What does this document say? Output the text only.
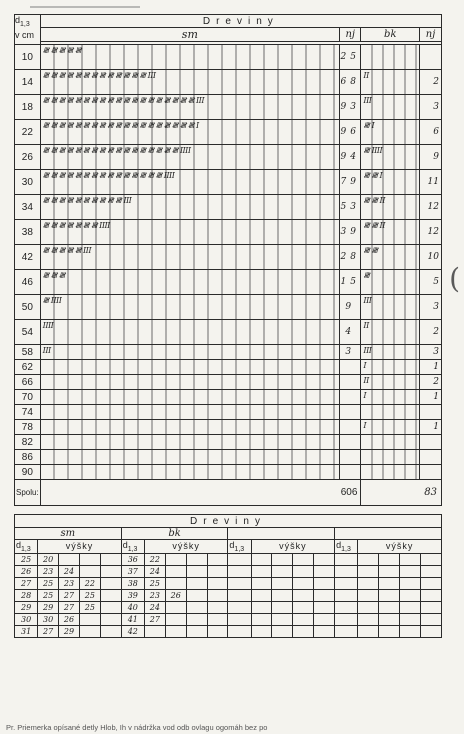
$d_{1,3}$
v cm	Dreviny			
	sm	nj	bk	nj

10	𝍸 𝍸 𝍸 𝍸 𝍸	25		
14	𝍸 𝍸 𝍸 𝍸 𝍸 𝍸 𝍸 𝍸 𝍸 𝍸 𝍸 𝍸 𝍸 III	68	II	2
18	𝍸 𝍸 𝍸 𝍸 𝍸 𝍸 𝍸 𝍸 𝍸 𝍸 𝍸 𝍸 𝍸 𝍸 𝍸 𝍸 𝍸 𝍸 𝍸 III	93	III	3
22	𝍸 𝍸 𝍸 𝍸 𝍸 𝍸 𝍸 𝍸 𝍸 𝍸 𝍸 𝍸 𝍸 𝍸 𝍸 𝍸 𝍸 𝍸 𝍸 I	96	𝍸 I	6
26	𝍸 𝍸 𝍸 𝍸 𝍸 𝍸 𝍸 𝍸 𝍸 𝍸 𝍸 𝍸 𝍸 𝍸 𝍸 𝍸 𝍸 IIII	94	𝍸 IIII	9
30	𝍸 𝍸 𝍸 𝍸 𝍸 𝍸 𝍸 𝍸 𝍸 𝍸 𝍸 𝍸 𝍸 𝍸 𝍸 IIII	79	𝍸 𝍸 I	11
34	𝍸 𝍸 𝍸 𝍸 𝍸 𝍸 𝍸 𝍸 𝍸 𝍸 III	53	𝍸 𝍸 II	12
38	𝍸 𝍸 𝍸 𝍸 𝍸 𝍸 𝍸 IIII	39	𝍸 𝍸 II	12
42	𝍸 𝍸 𝍸 𝍸 𝍸 III	28	𝍸 𝍸	10
46	𝍸 𝍸 𝍸	15	𝍸	5
50	𝍸 IIII	9	III	3
54	IIII	4	II	2
58	III	3	III	3
62			I	1
66			II	2
70			I	1
74				
78			I	1
82				
86				
90				
Spolu:	606		83	
Dreviny																			
sm					bk														
$d_{1,3}$	výšky				$d_{1,3}$	výšky				$d_{1,3}$	výšky				$d_{1,3}$	výšky			
25	20				36	22													
26	23	24			37	24													
27	25	23	22		38	25													
28	25	27	25		39	23	26												
29	29	27	25		40	24													
30	30	26			41	27													
31	27	29			42														
(
Pr. Priemerka opísané detly Hlob, Ih v nádržka vod odb ovlagu ogomáh bez po
